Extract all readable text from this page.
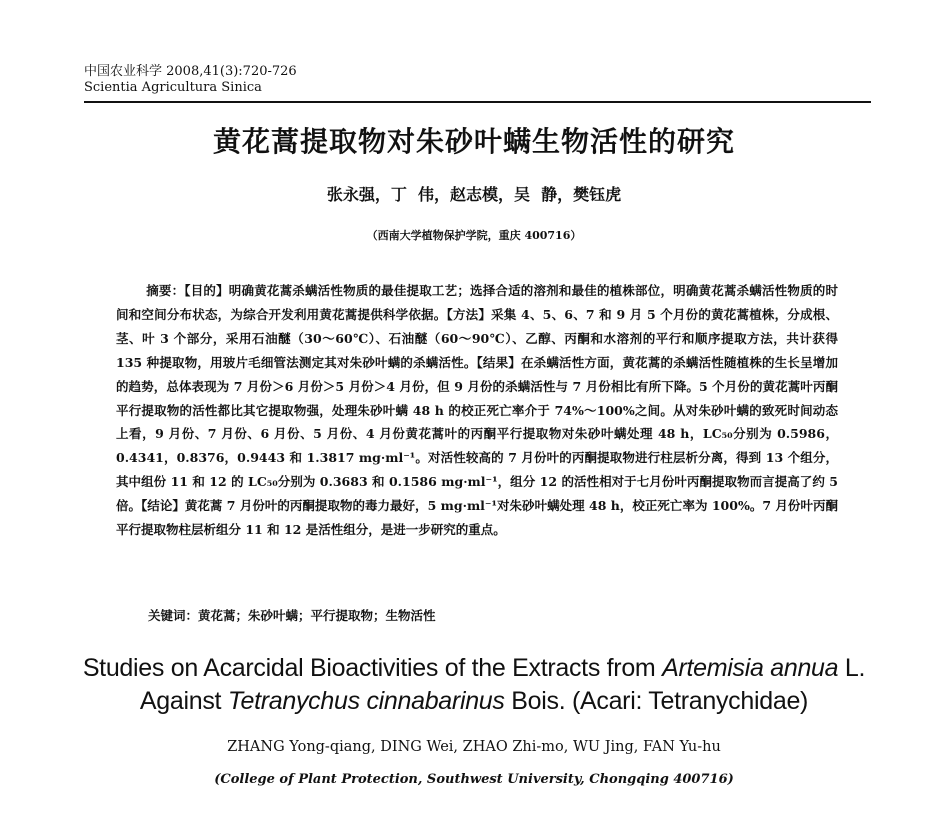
中国农业科学 2008,41(3):720-726
Scientia Agricultura Sinica
黄花蒿提取物对朱砂叶螨生物活性的研究
张永强，丁  伟，赵志模，吴  静，樊钰虎
（西南大学植物保护学院，重庆 400716）
摘要：【目的】明确黄花蒿杀螨活性物质的最佳提取工艺；选择合适的溶剂和最佳的植株部位，明确黄花蒿杀螨活性物质的时间和空间分布状态，为综合开发利用黄花蒿提供科学依据。【方法】采集 4、5、6、7 和 9 月 5 个月份的黄花蒿植株，分成根、茎、叶 3 个部分，采用石油醚（30～60℃）、石油醚（60～90℃）、乙醇、丙酮和水溶剂的平行和顺序提取方法，共计获得 135 种提取物，用玻片毛细管法测定其对朱砂叶螨的杀螨活性。【结果】在杀螨活性方面，黄花蒿的杀螨活性随植株的生长呈增加的趋势，总体表现为 7 月份＞6 月份＞5 月份＞4 月份，但 9 月份的杀螨活性与 7 月份相比有所下降。5 个月份的黄花蒿叶丙酮平行提取物的活性都比其它提取物强，处理朱砂叶螨 48 h 的校正死亡率介于 74%～100%之间。从对朱砂叶螨的致死时间动态上看，9 月份、7 月份、6 月份、5 月份、4 月份黄花蒿叶的丙酮平行提取物对朱砂叶螨处理 48 h，LC₅₀分别为 0.5986，0.4341，0.8376，0.9443 和 1.3817 mg·ml⁻¹。对活性较高的 7 月份叶的丙酮提取物进行柱层析分离，得到 13 个组分，其中组份 11 和 12 的 LC₅₀分别为 0.3683 和 0.1586 mg·ml⁻¹，组分 12 的活性相对于七月份叶丙酮提取物而言提高了约 5 倍。【结论】黄花蒿 7 月份叶的丙酮提取物的毒力最好，5 mg·ml⁻¹对朱砂叶螨处理 48 h，校正死亡率为 100%。7 月份叶丙酮平行提取物柱层析组分 11 和 12 是活性组分，是进一步研究的重点。
关键词：黄花蒿；朱砂叶螨；平行提取物；生物活性
Studies on Acarcidal Bioactivities of the Extracts from Artemisia annua L. Against Tetranychus cinnabarinus Bois. (Acari: Tetranychidae)
ZHANG Yong-qiang, DING Wei, ZHAO Zhi-mo, WU Jing, FAN Yu-hu
(College of Plant Protection, Southwest University, Chongqing 400716)
